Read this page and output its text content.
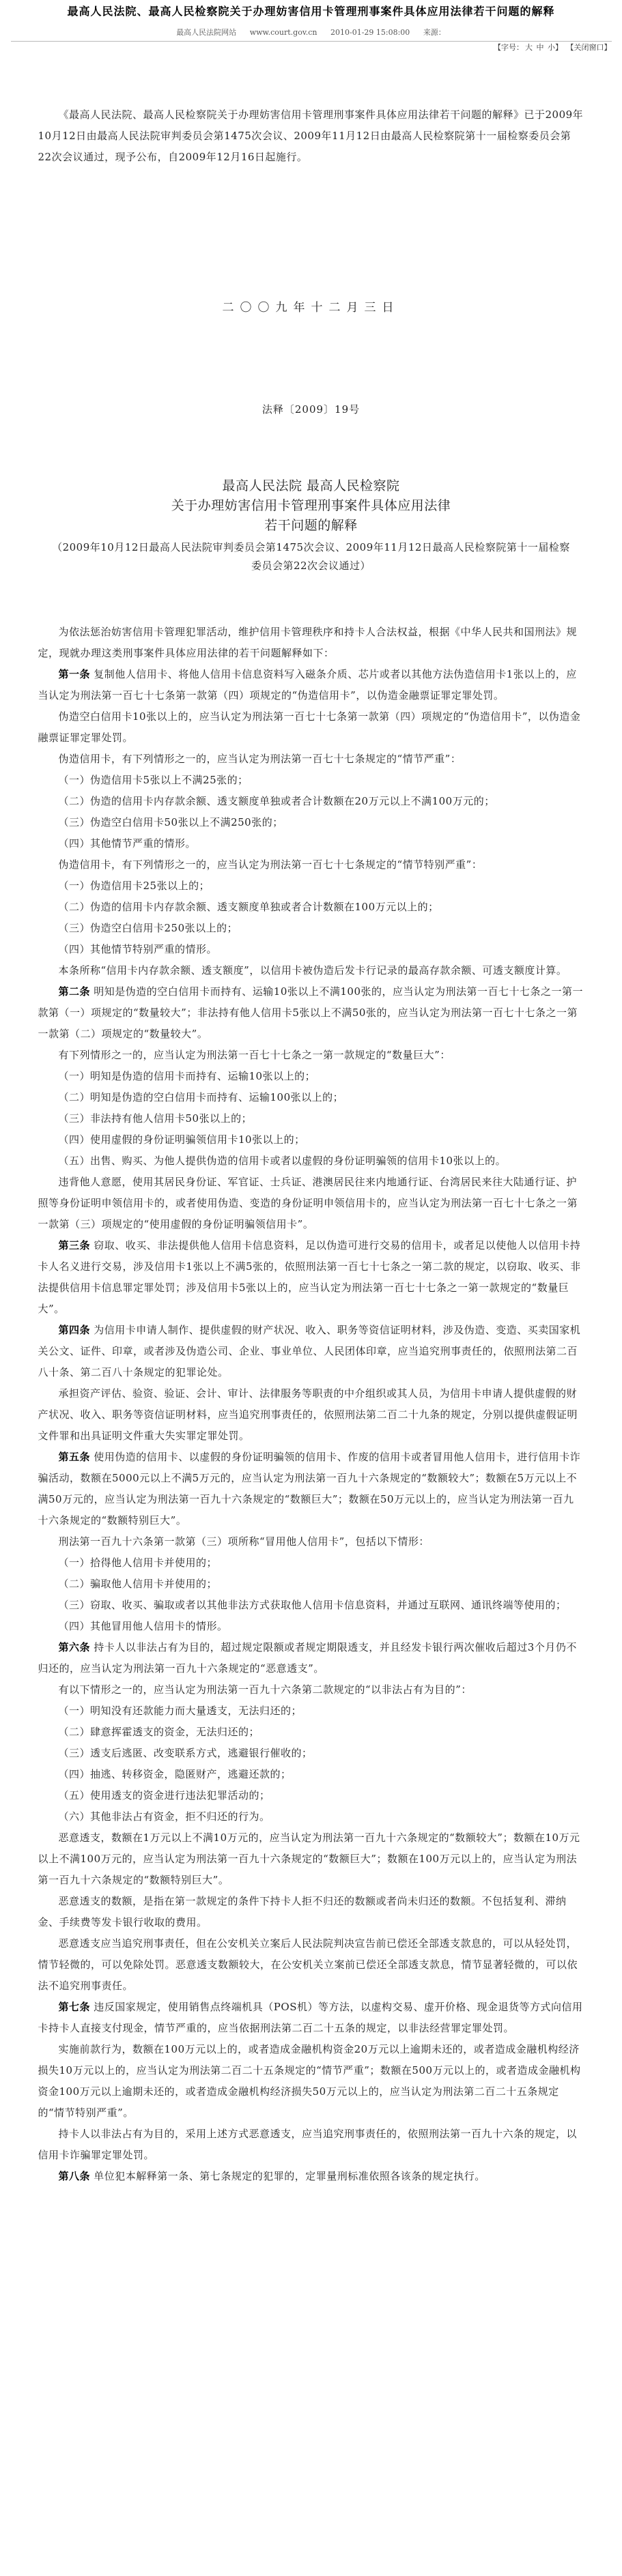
最高人民法院、最高人民检察院关于办理妨害信用卡管理刑事案件具体应用法律若干问题的解释
最高人民法院网站 www.court.gov.cn 2010-01-29 15:08:00 来源：
【字号： 大 中 小】 【关闭窗口】

《最高人民法院、最高人民检察院关于办理妨害信用卡管理刑事案件具体应用法律若干问题的解释》已于2009年10月12日由最高人民法院审判委员会第1475次会议、2009年11月12日由最高人民检察院第十一届检察委员会第22次会议通过，现予公布，自2009年12月16日起施行。

二〇〇九年十二月三日

法释〔2009〕19号

最高人民法院 最高人民检察院

关于办理妨害信用卡管理刑事案件具体应用法律

若干问题的解释

（2009年10月12日最高人民法院审判委员会第1475次会议、2009年11月12日最高人民检察院第十一届检察委员会第22次会议通过）

为依法惩治妨害信用卡管理犯罪活动，维护信用卡管理秩序和持卡人合法权益，根据《中华人民共和国刑法》规定，现就办理这类刑事案件具体应用法律的若干问题解释如下：

第一条 复制他人信用卡、将他人信用卡信息资料写入磁条介质、芯片或者以其他方法伪造信用卡1张以上的，应当认定为刑法第一百七十七条第一款第（四）项规定的“伪造信用卡”，以伪造金融票证罪定罪处罚。

伪造空白信用卡10张以上的，应当认定为刑法第一百七十七条第一款第（四）项规定的“伪造信用卡”，以伪造金融票证罪定罪处罚。

伪造信用卡，有下列情形之一的，应当认定为刑法第一百七十七条规定的“情节严重”：

（一）伪造信用卡5张以上不满25张的；

（二）伪造的信用卡内存款余额、透支额度单独或者合计数额在20万元以上不满100万元的；

（三）伪造空白信用卡50张以上不满250张的；

（四）其他情节严重的情形。

伪造信用卡，有下列情形之一的，应当认定为刑法第一百七十七条规定的“情节特别严重”：

（一）伪造信用卡25张以上的；

（二）伪造的信用卡内存款余额、透支额度单独或者合计数额在100万元以上的；

（三）伪造空白信用卡250张以上的；

（四）其他情节特别严重的情形。

本条所称“信用卡内存款余额、透支额度”，以信用卡被伪造后发卡行记录的最高存款余额、可透支额度计算。

第二条 明知是伪造的空白信用卡而持有、运输10张以上不满100张的，应当认定为刑法第一百七十七条之一第一款第（一）项规定的“数量较大”；非法持有他人信用卡5张以上不满50张的，应当认定为刑法第一百七十七条之一第一款第（二）项规定的“数量较大”。

有下列情形之一的，应当认定为刑法第一百七十七条之一第一款规定的“数量巨大”：

（一）明知是伪造的信用卡而持有、运输10张以上的；

（二）明知是伪造的空白信用卡而持有、运输100张以上的；

（三）非法持有他人信用卡50张以上的；

（四）使用虚假的身份证明骗领信用卡10张以上的；

（五）出售、购买、为他人提供伪造的信用卡或者以虚假的身份证明骗领的信用卡10张以上的。

违背他人意愿，使用其居民身份证、军官证、士兵证、港澳居民往来内地通行证、台湾居民来往大陆通行证、护照等身份证明申领信用卡的，或者使用伪造、变造的身份证明申领信用卡的，应当认定为刑法第一百七十七条之一第一款第（三）项规定的“使用虚假的身份证明骗领信用卡”。

第三条 窃取、收买、非法提供他人信用卡信息资料，足以伪造可进行交易的信用卡，或者足以使他人以信用卡持卡人名义进行交易，涉及信用卡1张以上不满5张的，依照刑法第一百七十七条之一第二款的规定，以窃取、收买、非法提供信用卡信息罪定罪处罚；涉及信用卡5张以上的，应当认定为刑法第一百七十七条之一第一款规定的“数量巨大”。

第四条 为信用卡申请人制作、提供虚假的财产状况、收入、职务等资信证明材料，涉及伪造、变造、买卖国家机关公文、证件、印章，或者涉及伪造公司、企业、事业单位、人民团体印章，应当追究刑事责任的，依照刑法第二百八十条、第二百八十条规定的犯罪论处。

承担资产评估、验资、验证、会计、审计、法律服务等职责的中介组织或其人员，为信用卡申请人提供虚假的财产状况、收入、职务等资信证明材料，应当追究刑事责任的，依照刑法第二百二十九条的规定，分别以提供虚假证明文件罪和出具证明文件重大失实罪定罪处罚。

第五条 使用伪造的信用卡、以虚假的身份证明骗领的信用卡、作废的信用卡或者冒用他人信用卡，进行信用卡诈骗活动，数额在5000元以上不满5万元的，应当认定为刑法第一百九十六条规定的“数额较大”；数额在5万元以上不满50万元的，应当认定为刑法第一百九十六条规定的“数额巨大”；数额在50万元以上的，应当认定为刑法第一百九十六条规定的“数额特别巨大”。

刑法第一百九十六条第一款第（三）项所称“冒用他人信用卡”，包括以下情形：

（一）拾得他人信用卡并使用的；

（二）骗取他人信用卡并使用的；

（三）窃取、收买、骗取或者以其他非法方式获取他人信用卡信息资料，并通过互联网、通讯终端等使用的；

（四）其他冒用他人信用卡的情形。

第六条 持卡人以非法占有为目的，超过规定限额或者规定期限透支，并且经发卡银行两次催收后超过3个月仍不归还的，应当认定为刑法第一百九十六条规定的“恶意透支”。

有以下情形之一的，应当认定为刑法第一百九十六条第二款规定的“以非法占有为目的”：

（一）明知没有还款能力而大量透支，无法归还的；

（二）肆意挥霍透支的资金，无法归还的；

（三）透支后逃匿、改变联系方式，逃避银行催收的；

（四）抽逃、转移资金，隐匿财产，逃避还款的；

（五）使用透支的资金进行违法犯罪活动的；

（六）其他非法占有资金，拒不归还的行为。

恶意透支，数额在1万元以上不满10万元的，应当认定为刑法第一百九十六条规定的“数额较大”；数额在10万元以上不满100万元的，应当认定为刑法第一百九十六条规定的“数额巨大”；数额在100万元以上的，应当认定为刑法第一百九十六条规定的“数额特别巨大”。

恶意透支的数额，是指在第一款规定的条件下持卡人拒不归还的数额或者尚未归还的数额。不包括复利、滞纳金、手续费等发卡银行收取的费用。

恶意透支应当追究刑事责任，但在公安机关立案后人民法院判决宣告前已偿还全部透支款息的，可以从轻处罚，情节轻微的，可以免除处罚。恶意透支数额较大，在公安机关立案前已偿还全部透支款息，情节显著轻微的，可以依法不追究刑事责任。

第七条 违反国家规定，使用销售点终端机具（POS机）等方法，以虚构交易、虚开价格、现金退货等方式向信用卡持卡人直接支付现金，情节严重的，应当依据刑法第二百二十五条的规定，以非法经营罪定罪处罚。

实施前款行为，数额在100万元以上的，或者造成金融机构资金20万元以上逾期未还的，或者造成金融机构经济损失10万元以上的，应当认定为刑法第二百二十五条规定的“情节严重”；数额在500万元以上的，或者造成金融机构资金100万元以上逾期未还的，或者造成金融机构经济损失50万元以上的，应当认定为刑法第二百二十五条规定的“情节特别严重”。

持卡人以非法占有为目的，采用上述方式恶意透支，应当追究刑事责任的，依照刑法第一百九十六条的规定，以信用卡诈骗罪定罪处罚。

第八条 单位犯本解释第一条、第七条规定的犯罪的，定罪量刑标准依照各该条的规定执行。
